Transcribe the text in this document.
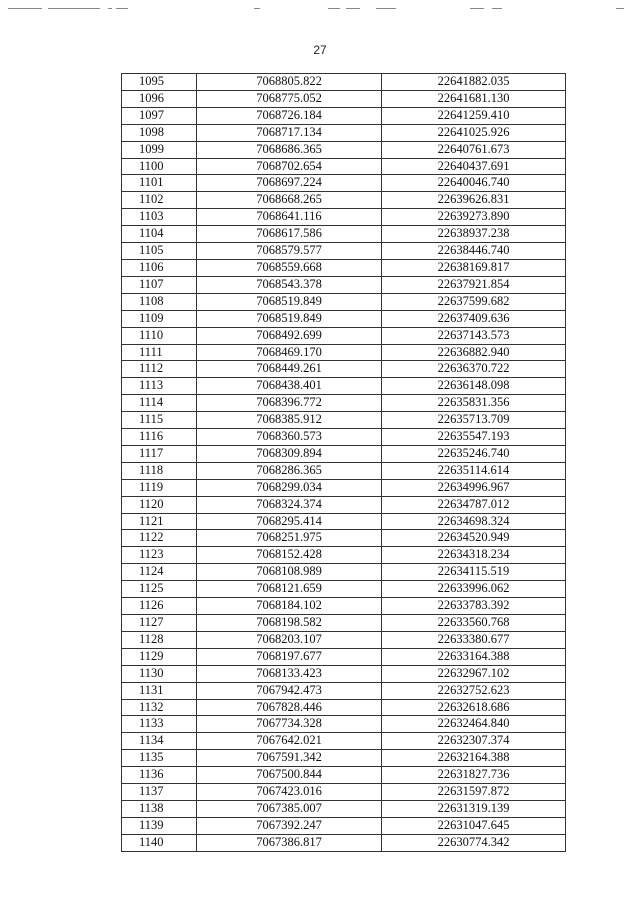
27
1095	7068805.822	22641882.035
1096	7068775.052	22641681.130
1097	7068726.184	22641259.410
1098	7068717.134	22641025.926
1099	7068686.365	22640761.673
1100	7068702.654	22640437.691
1101	7068697.224	22640046.740
1102	7068668.265	22639626.831
1103	7068641.116	22639273.890
1104	7068617.586	22638937.238
1105	7068579.577	22638446.740
1106	7068559.668	22638169.817
1107	7068543.378	22637921.854
1108	7068519.849	22637599.682
1109	7068519.849	22637409.636
1110	7068492.699	22637143.573
1111	7068469.170	22636882.940
1112	7068449.261	22636370.722
1113	7068438.401	22636148.098
1114	7068396.772	22635831.356
1115	7068385.912	22635713.709
1116	7068360.573	22635547.193
1117	7068309.894	22635246.740
1118	7068286.365	22635114.614
1119	7068299.034	22634996.967
1120	7068324.374	22634787.012
1121	7068295.414	22634698.324
1122	7068251.975	22634520.949
1123	7068152.428	22634318.234
1124	7068108.989	22634115.519
1125	7068121.659	22633996.062
1126	7068184.102	22633783.392
1127	7068198.582	22633560.768
1128	7068203.107	22633380.677
1129	7068197.677	22633164.388
1130	7068133.423	22632967.102
1131	7067942.473	22632752.623
1132	7067828.446	22632618.686
1133	7067734.328	22632464.840
1134	7067642.021	22632307.374
1135	7067591.342	22632164.388
1136	7067500.844	22631827.736
1137	7067423.016	22631597.872
1138	7067385.007	22631319.139
1139	7067392.247	22631047.645
1140	7067386.817	22630774.342
